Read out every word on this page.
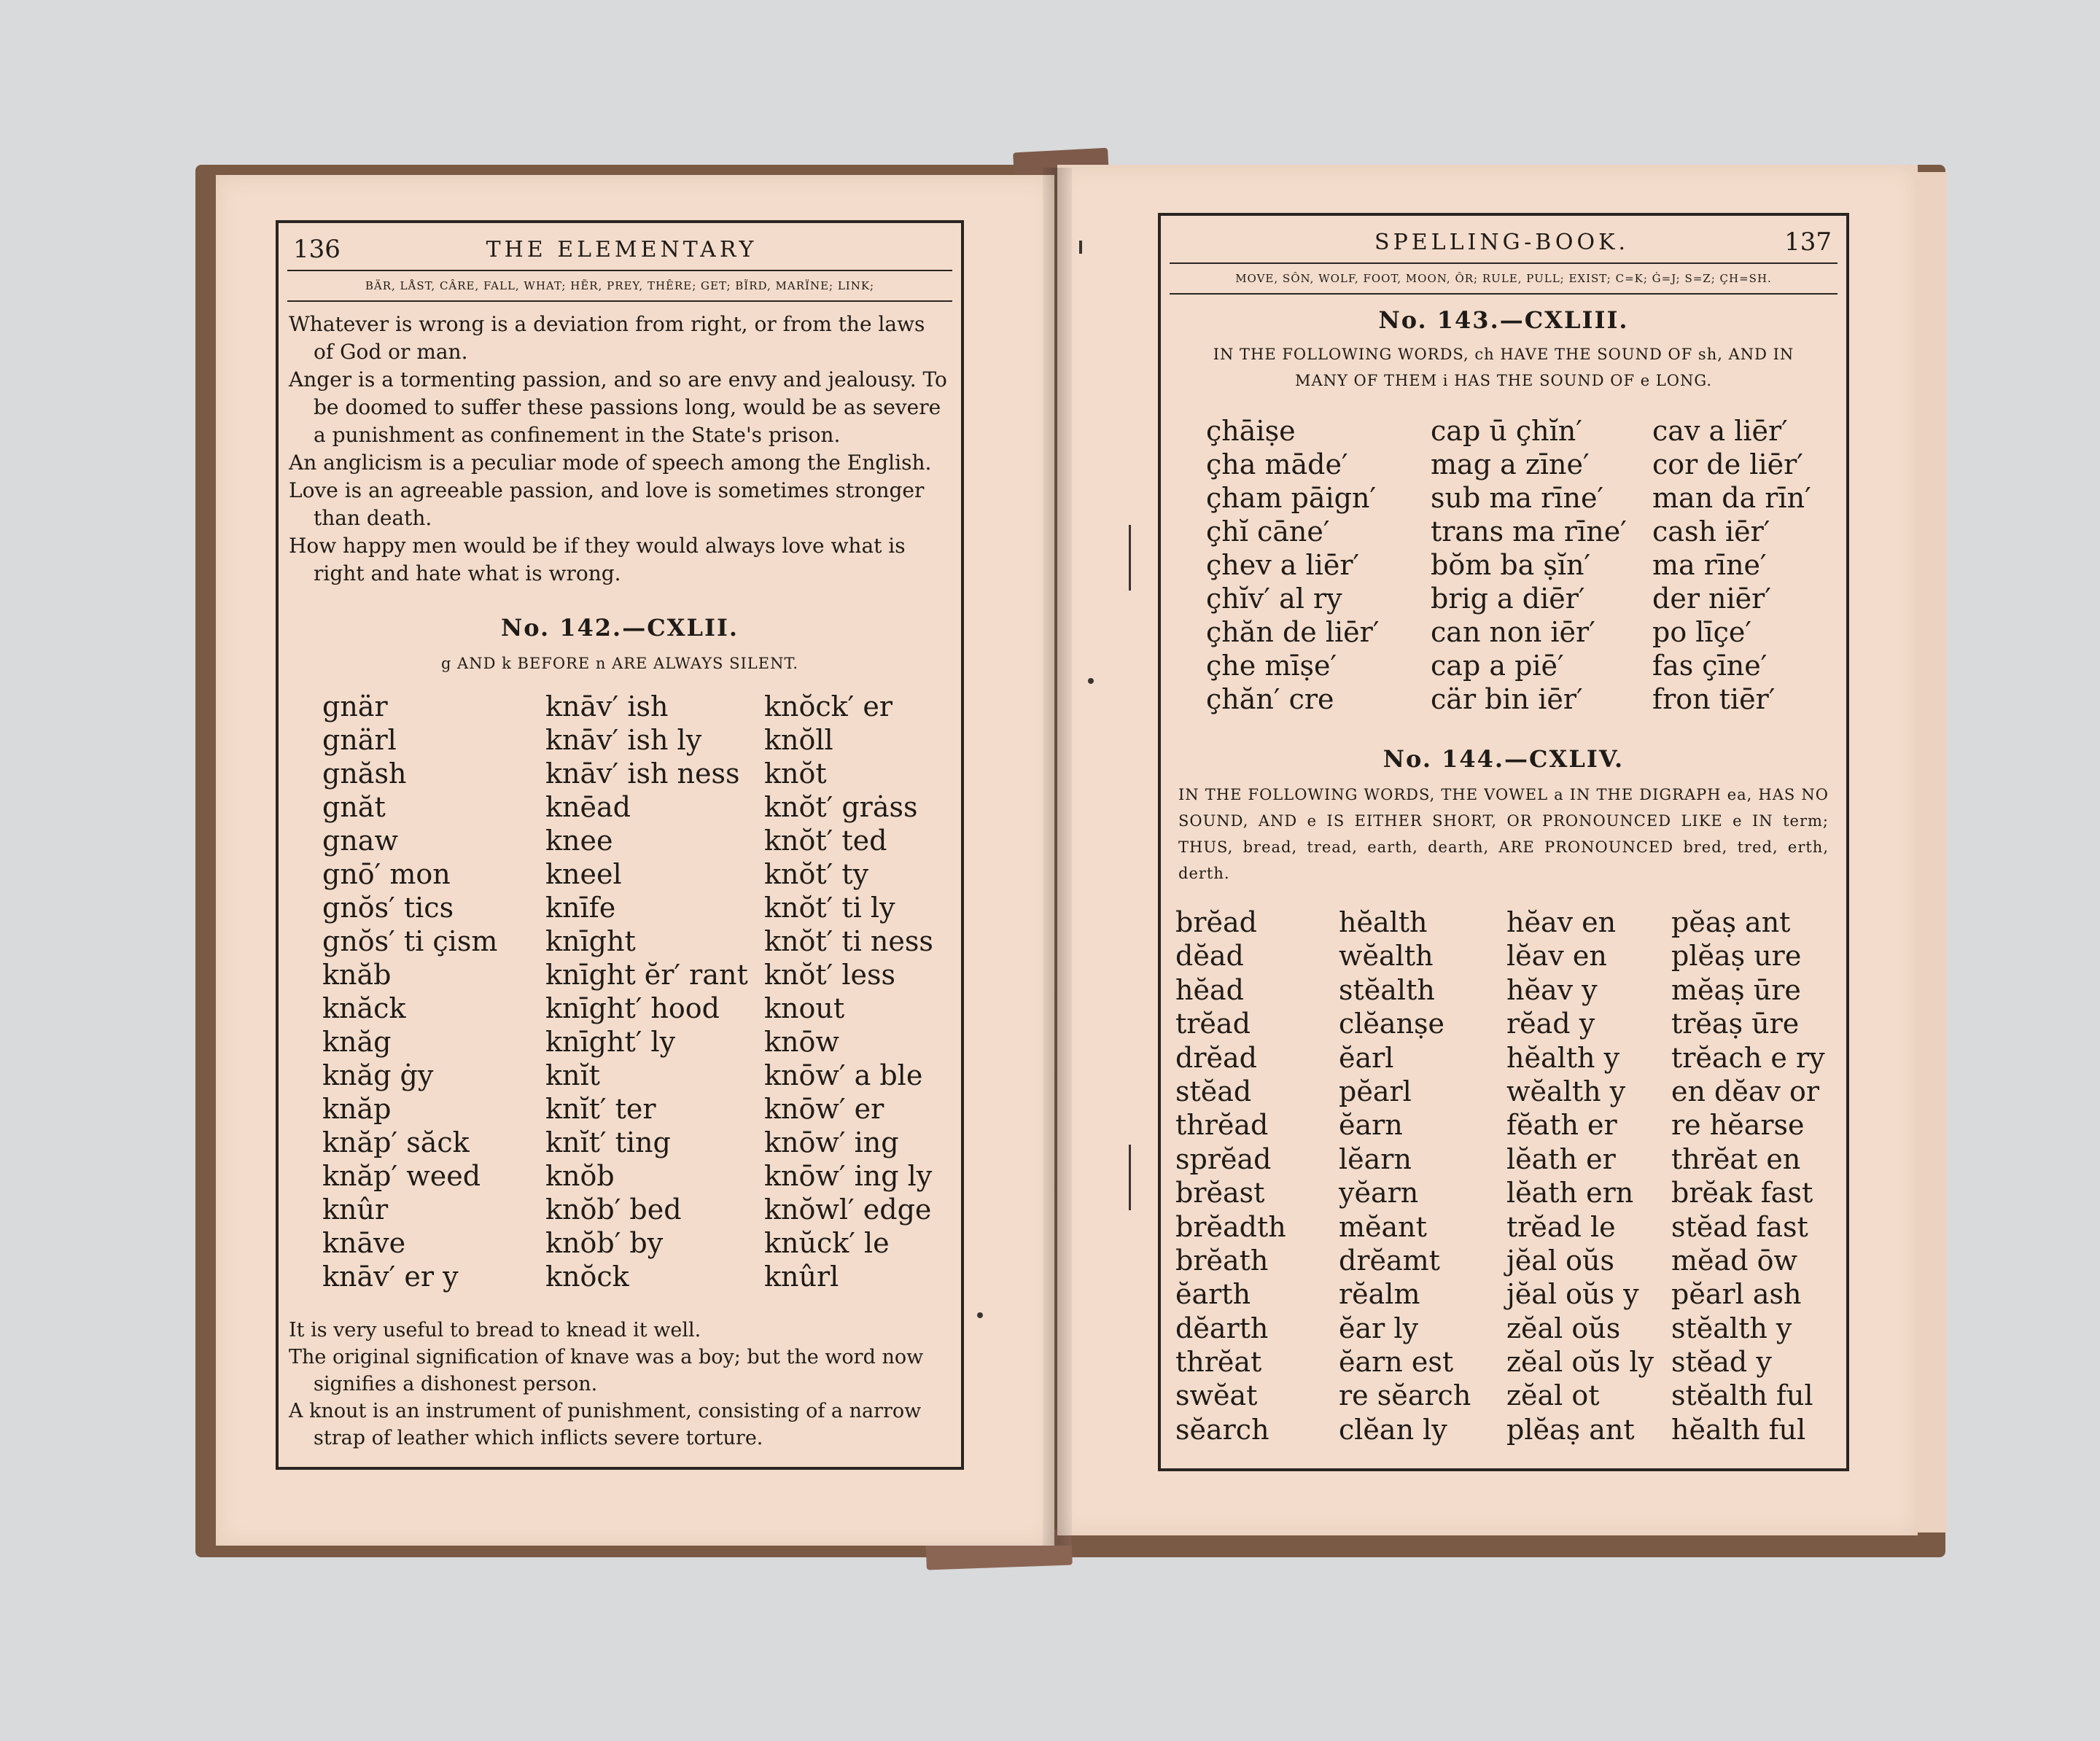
136	THE ELEMENTARY
BÄR, LÅST, CÂRE, FALL, WHAT; HẼR, PREY, THÊRE; GET; BĨRD, MARÏNE; LINK;

Whatever is wrong is a deviation from right, or from the laws of God or man.

Anger is a tormenting passion, and so are envy and jealousy. To be doomed to suffer these passions long, would be as severe a punishment as confinement in the State's prison.

An anglicism is a peculiar mode of speech among the English.

Love is an agreeable passion, and love is sometimes stronger than death.

How happy men would be if they would always love what is right and hate what is wrong.

No. 142.—CXLII.
g AND k BEFORE n ARE ALWAYS SILENT.
gnär
gnärl
gnăsh
gnăt
gnaw
gnō′ mon
gnŏs′ tics
gnŏs′ ti çism
knăb
knăck
knăg
knăg ġy
knăp
knăp′ săck
knăp′ weed
knûr
knāve
knāv′ er y
knāv′ ish
knāv′ ish ly
knāv′ ish ness
knēad
knee
kneel
knīfe
knīght
knīght ĕr′ rant
knīght′ hood
knīght′ ly
knĭt
knĭt′ ter
knĭt′ ting
knŏb
knŏb′ bed
knŏb′ by
knŏck
knŏck′ er
knŏll
knŏt
knŏt′ grȧss
knŏt′ ted
knŏt′ ty
knŏt′ ti ly
knŏt′ ti ness
knŏt′ less
knout
knōw
knōw′ a ble
knōw′ er
knōw′ ing
knōw′ ing ly
knŏwl′ edge
knŭck′ le
knûrl

It is very useful to bread to knead it well.

The original signification of knave was a boy; but the word now signifies a dishonest person.

A knout is an instrument of punishment, consisting of a narrow strap of leather which inflicts severe torture.

SPELLING-BOOK.	137
MOVE, SÔN, WOLF, FOOT, MOON, ÔR; RULE, PULL; EXIST; C=K; Ġ=J; S=Z; ÇH=SH.
No. 143.—CXLIII.
IN THE FOLLOWING WORDS, ch HAVE THE SOUND OF sh, AND IN MANY OF THEM i HAS THE SOUND OF e LONG.
çhāiṣe
çha māde′
çham pāign′
çhĭ cāne′
çhev a liēr′
çhĭv′ al ry
çhăn de liēr′
çhe mīṣe′
çhăn′ cre
cap ū çhĭn′
mag a zīne′
sub ma rīne′
trans ma rīne′
bŏm ba ṣĭn′
brig a diēr′
can non iēr′
cap a piē′
cär bin iēr′
cav a liēr′
cor de liēr′
man da rīn′
cash iēr′
ma rīne′
der niēr′
po līçe′
fas çīne′
fron tiēr′
No. 144.—CXLIV.
IN THE FOLLOWING WORDS, THE VOWEL a IN THE DIGRAPH ea, HAS NO SOUND, AND e IS EITHER SHORT, OR PRONOUNCED LIKE e IN term; THUS, bread, tread, earth, dearth, ARE PRONOUNCED bred, tred, erth, derth.
brĕad
dĕad
hĕad
trĕad
drĕad
stĕad
thrĕad
sprĕad
brĕast
brĕadth
brĕath
ĕarth
dĕarth
thrĕat
swĕat
sĕarch
hĕalth
wĕalth
stĕalth
clĕanṣe
ĕarl
pĕarl
ĕarn
lĕarn
yĕarn
mĕant
drĕamt
rĕalm
ĕar ly
ĕarn est
re sĕarch
clĕan ly
hĕav en
lĕav en
hĕav y
rĕad y
hĕalth y
wĕalth y
fĕath er
lĕath er
lĕath ern
trĕad le
jĕal oŭs
jĕal oŭs y
zĕal oŭs
zĕal oŭs ly
zĕal ot
plĕaṣ ant
pĕaṣ ant
plĕaṣ ure
mĕaṣ ūre
trĕaṣ ūre
trĕach e ry
en dĕav or
re hĕarse
thrĕat en
brĕak fast
stĕad fast
mĕad ōw
pĕarl ash
stĕalth y
stĕad y
stĕalth ful
hĕalth ful
